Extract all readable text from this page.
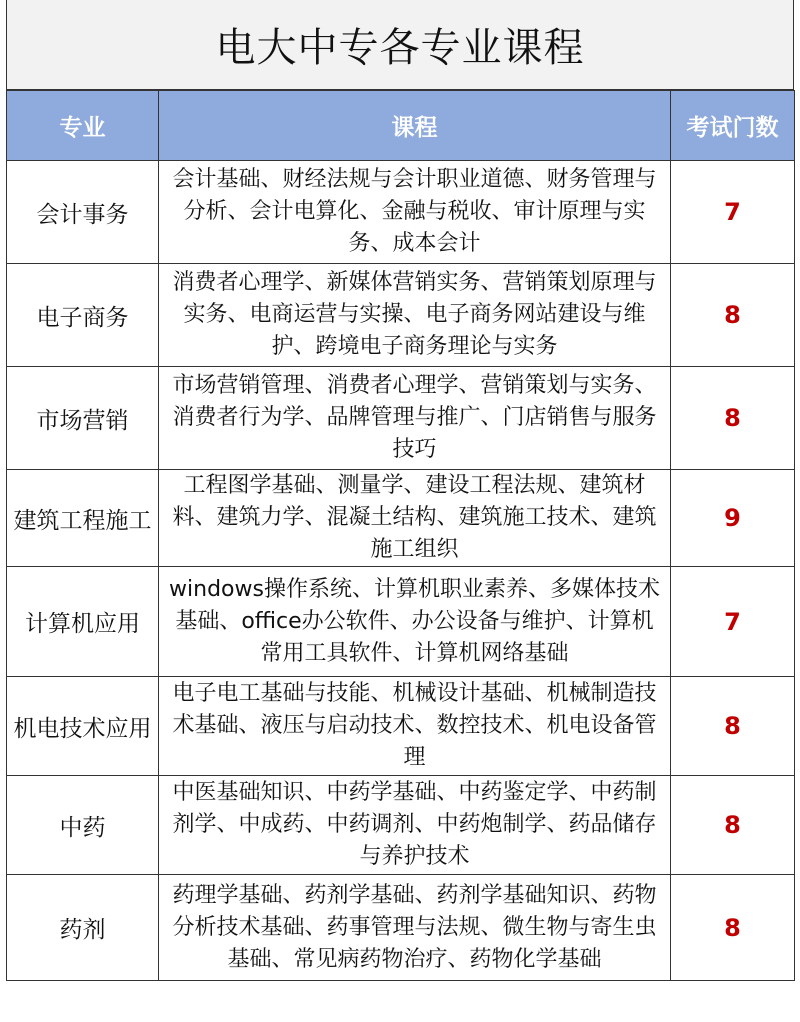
电大中专各专业课程
专业	课程	考试门数
会计事务	会计基础、财经法规与会计职业道德、财务管理与分析、会计电算化、金融与税收、审计原理与实务、成本会计	7
电子商务	消费者心理学、新媒体营销实务、营销策划原理与实务、电商运营与实操、电子商务网站建设与维护、跨境电子商务理论与实务	8
市场营销	市场营销管理、消费者心理学、营销策划与实务、消费者行为学、品牌管理与推广、门店销售与服务技巧	8
建筑工程施工	工程图学基础、测量学、建设工程法规、建筑材料、建筑力学、混凝土结构、建筑施工技术、建筑施工组织	9
计算机应用	windows操作系统、计算机职业素养、多媒体技术基础、office办公软件、办公设备与维护、计算机常用工具软件、计算机网络基础	7
机电技术应用	电子电工基础与技能、机械设计基础、机械制造技术基础、液压与启动技术、数控技术、机电设备管理	8
中药	中医基础知识、中药学基础、中药鉴定学、中药制剂学、中成药、中药调剂、中药炮制学、药品储存与养护技术	8
药剂	药理学基础、药剂学基础、药剂学基础知识、药物分析技术基础、药事管理与法规、微生物与寄生虫基础、常见病药物治疗、药物化学基础	8
